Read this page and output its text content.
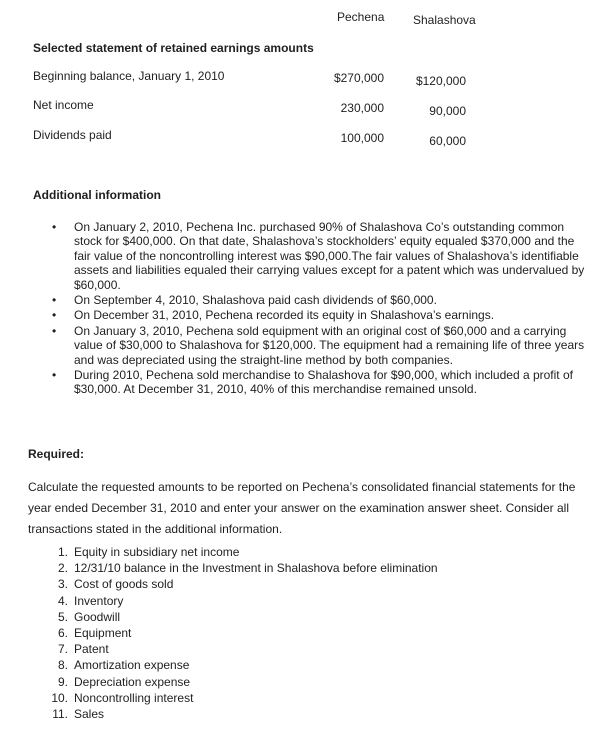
Pechena Shalashova
Selected statement of retained earnings amounts
Beginning balance, January 1, 2010	$270,000	$120,000
Net income	230,000	90,000
Dividends paid	100,000	60,000
Additional information
• On January 2, 2010, Pechena Inc. purchased 90% of Shalashova Co’s outstanding common stock for $400,000. On that date, Shalashova’s stockholders’ equity equaled $370,000 and the fair value of the noncontrolling interest was $90,000.The fair values of Shalashova’s identifiable assets and liabilities equaled their carrying values except for a patent which was undervalued by $60,000.
• On September 4, 2010, Shalashova paid cash dividends of $60,000.
• On December 31, 2010, Pechena recorded its equity in Shalashova’s earnings.
• On January 3, 2010, Pechena sold equipment with an original cost of $60,000 and a carrying value of $30,000 to Shalashova for $120,000. The equipment had a remaining life of three years and was depreciated using the straight-line method by both companies.
• During 2010, Pechena sold merchandise to Shalashova for $90,000, which included a profit of $30,000. At December 31, 2010, 40% of this merchandise remained unsold.
Required:
Calculate the requested amounts to be reported on Pechena’s consolidated financial statements for the year ended December 31, 2010 and enter your answer on the examination answer sheet. Consider all transactions stated in the additional information.
1. Equity in subsidiary net income
2. 12/31/10 balance in the Investment in Shalashova before elimination
3. Cost of goods sold
4. Inventory
5. Goodwill
6. Equipment
7. Patent
8. Amortization expense
9. Depreciation expense
10. Noncontrolling interest
11. Sales
